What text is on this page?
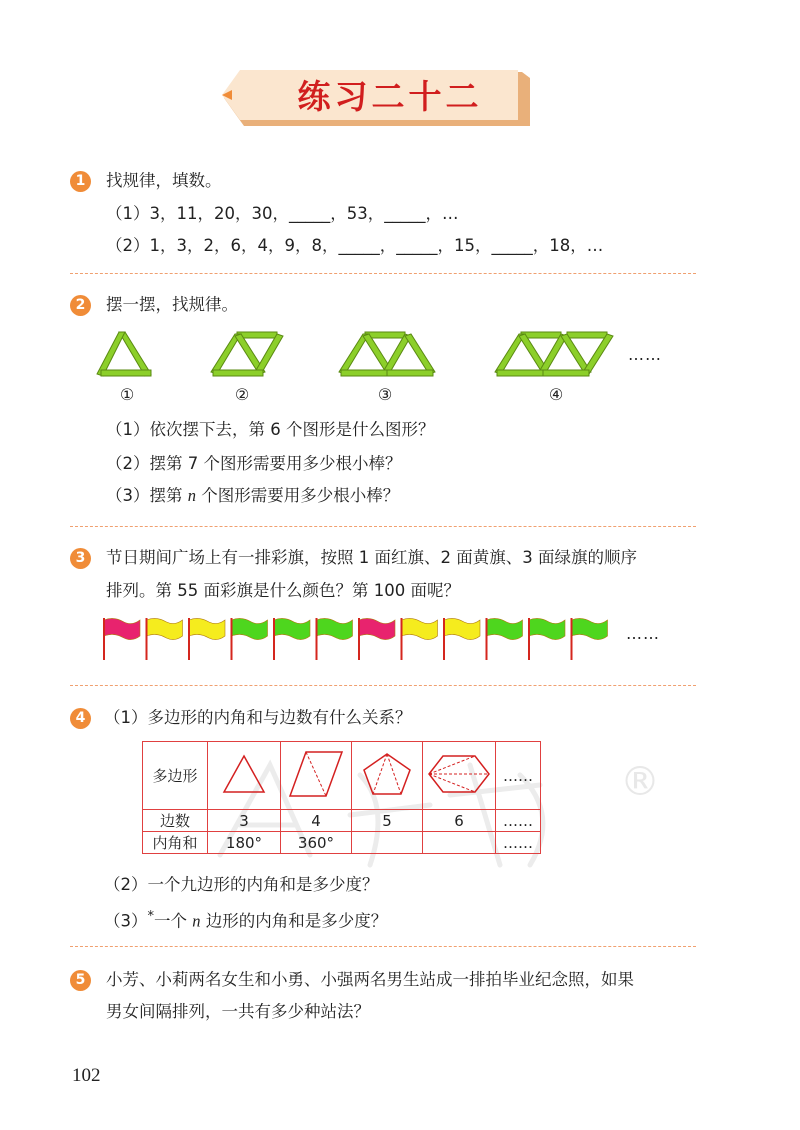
练习二十二
1	找规律，填数。
（1）3，11，20，30，_____，53，_____，…
（2）1，3，2，6，4，9，8，_____，_____，15，_____，18，…
2	摆一摆，找规律。
……
①	②	③	④
（1）依次摆下去，第 6 个图形是什么图形？
（2）摆第 7 个图形需要用多少根小棒？
（3）摆第 n 个图形需要用多少根小棒？
3	节日期间广场上有一排彩旗，按照 1 面红旗、2 面黄旗、3 面绿旗的顺序
排列。第 55 面彩旗是什么颜色？第 100 面呢？
……
4	（1）多边形的内角和与边数有什么关系？
®
多边形					……
边数	3	4	5	6	……
内角和	180°	360°			……
（2）一个九边形的内角和是多少度？
（3）*一个 n 边形的内角和是多少度？
5	小芳、小莉两名女生和小勇、小强两名男生站成一排拍毕业纪念照，如果
男女间隔排列，一共有多少种站法？
102
